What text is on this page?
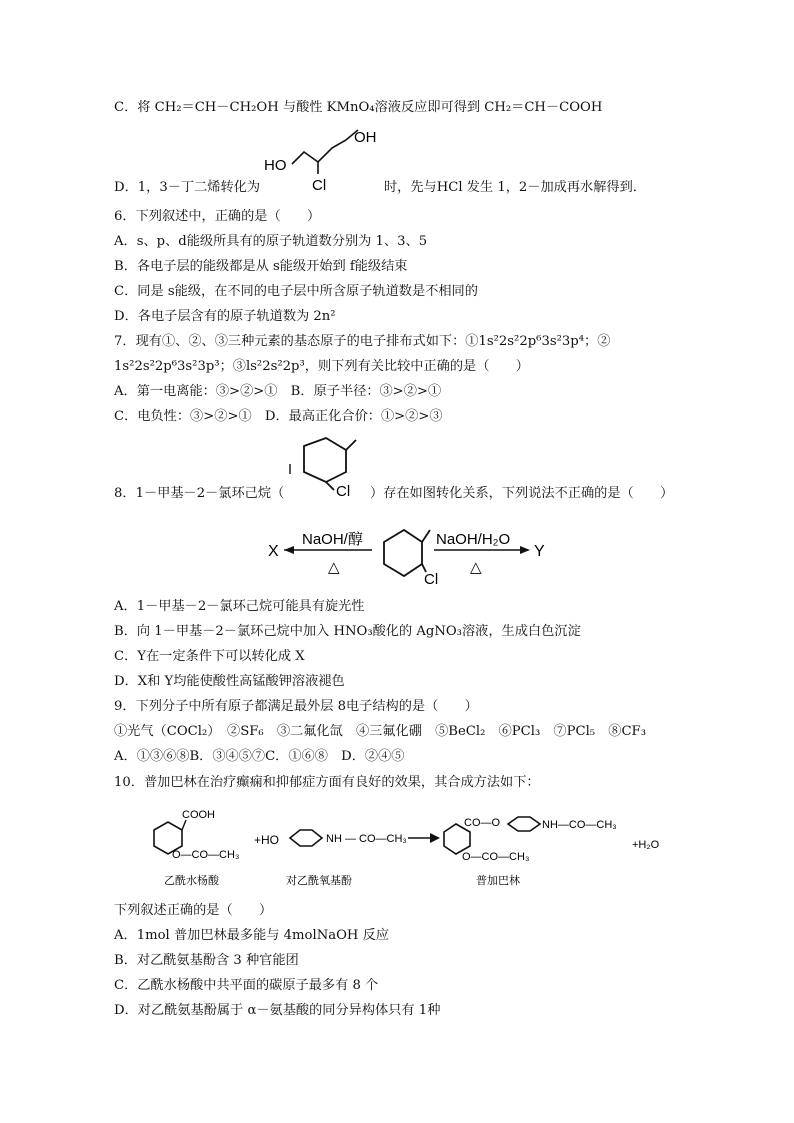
C．将 CH₂＝CH－CH₂OH 与酸性 KMnO₄溶液反应即可得到 CH₂＝CH－COOH
HO
OH
Cl
D．1，3－丁二烯转化为	时，先与HCl 发生 1，2－加成再水解得到．
6．下列叙述中，正确的是（　　）
A．s、p、d能级所具有的原子轨道数分别为 1、3、5
B．各电子层的能级都是从 s能级开始到 f能级结束
C．同是 s能级，在不同的电子层中所含原子轨道数是不相同的
D．各电子层含有的原子轨道数为 2n²
7．现有①、②、③三种元素的基态原子的电子排布式如下：①1s²2s²2p⁶3s²3p⁴；②
1s²2s²2p⁶3s²3p³；③ls²2s²2p³，则下列有关比较中正确的是（　　）
A．第一电离能：③>②>①　B．原子半径：③>②>①
C．电负性：③>②>①　D．最高正化合价：①>②>③
Cl
8．1－甲基－2－氯环己烷（	）存在如图转化关系，下列说法不正确的是（　　）
X
NaOH/醇
△
Cl
NaOH/H₂O
△
Y
A．1－甲基－2－氯环己烷可能具有旋光性
B．向 1－甲基－2－氯环己烷中加入 HNO₃酸化的 AgNO₃溶液，生成白色沉淀
C．Y在一定条件下可以转化成 X
D．X和 Y均能使酸性高锰酸钾溶液褪色
9．下列分子中所有原子都满足最外层 8电子结构的是（　　）
①光气（COCl₂）　②SF₆　③二氟化氙　④三氟化硼　⑤BeCl₂　⑥PCl₃　⑦PCl₅　⑧CF₃
A．①③⑥⑧B．③④⑤⑦C．①⑥⑧　D．②④⑤
10．普加巴林在治疗癫痫和抑郁症方面有良好的效果，其合成方法如下：
COOH
O—CO—CH₃
乙酰水杨酸
+HO	NH — CO—CH₃
对乙酰氧基酚
CO—O	NH—CO—CH₃
O—CO—CH₃
普加巴林
+H₂O
下列叙述正确的是（　　）
A．1mol 普加巴林最多能与 4molNaOH 反应
B．对乙酰氨基酚含 3 种官能团
C．乙酰水杨酸中共平面的碳原子最多有 8 个
D．对乙酰氨基酚属于 α－氨基酸的同分异构体只有 1种
